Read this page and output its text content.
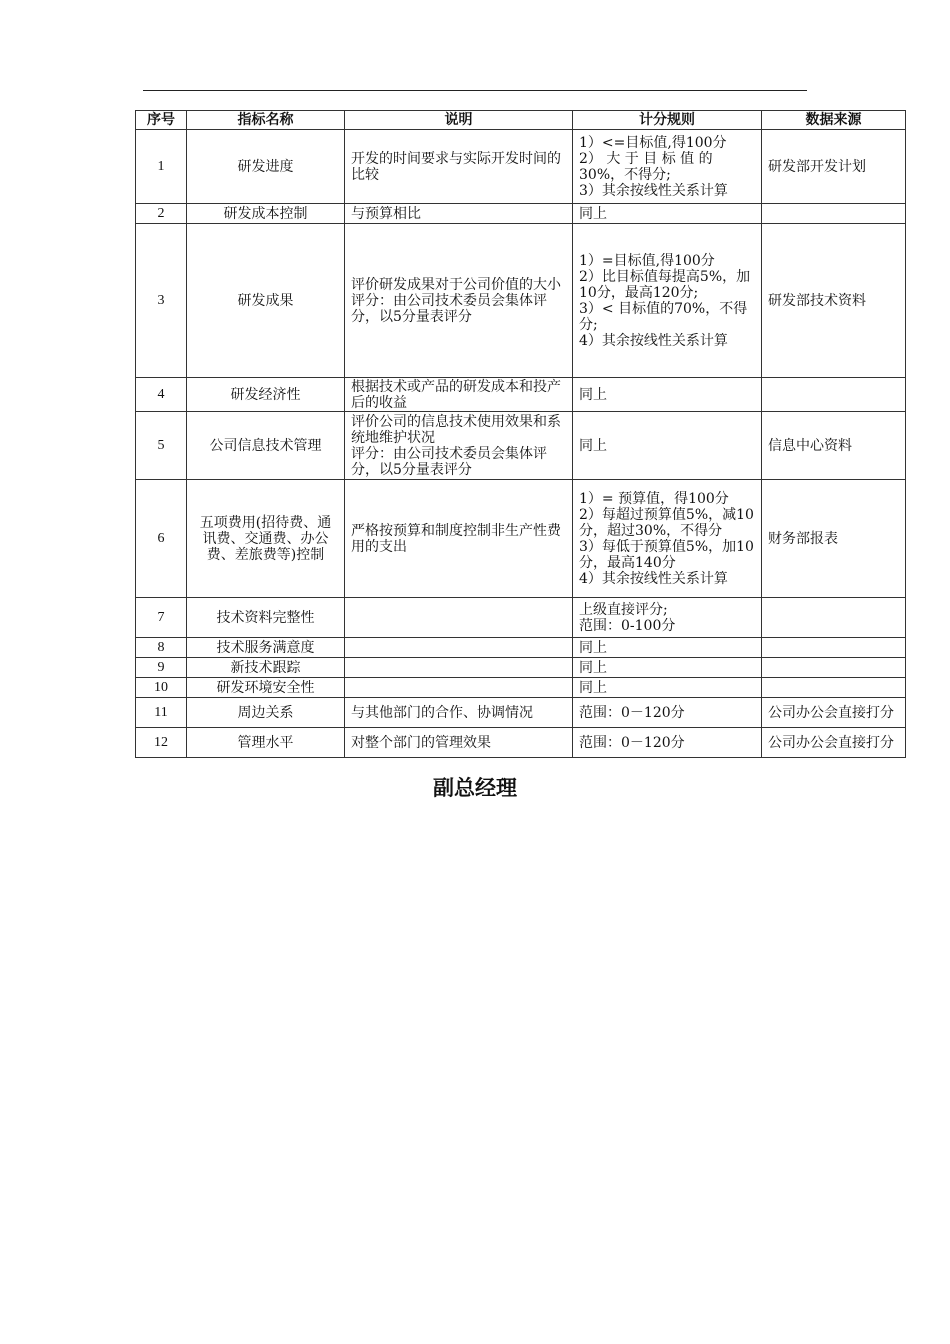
序号	指标名称	说明	计分规则	数据来源
1	研发进度	开发的时间要求与实际开发时间的比较	1）<=目标值,得100分
2） 大 于 目 标 值 的30%，不得分;
3）其余按线性关系计算	研发部开发计划
2	研发成本控制	与预算相比	同上	

3	研发成果	评价研发成果对于公司价值的大小
评分：由公司技术委员会集体评分，以5分量表评分	1）=目标值,得100分
2）比目标值每提高5%，加10分，最高120分;
3）< 目标值的70%，不得分;
4）其余按线性关系计算	研发部技术资料
4	研发经济性	根据技术或产品的研发成本和投产后的收益	同上	

5	公司信息技术管理	评价公司的信息技术使用效果和系统地维护状况
评分：由公司技术委员会集体评分，以5分量表评分	同上	信息中心资料
6	五项费用(招待费、通讯费、交通费、办公费、差旅费等)控制	严格按预算和制度控制非生产性费用的支出	1）= 预算值，得100分
2）每超过预算值5%，减10分，超过30%，不得分
3）每低于预算值5%，加10分，最高140分
4）其余按线性关系计算	财务部报表
7	技术资料完整性		上级直接评分;
范围：0-100分	

8	技术服务满意度		同上	

9	新技术跟踪		同上	

10	研发环境安全性		同上	

11	周边关系	与其他部门的合作、协调情况	范围：0－120分	公司办公会直接打分
12	管理水平	对整个部门的管理效果	范围：0－120分	公司办公会直接打分
副总经理
